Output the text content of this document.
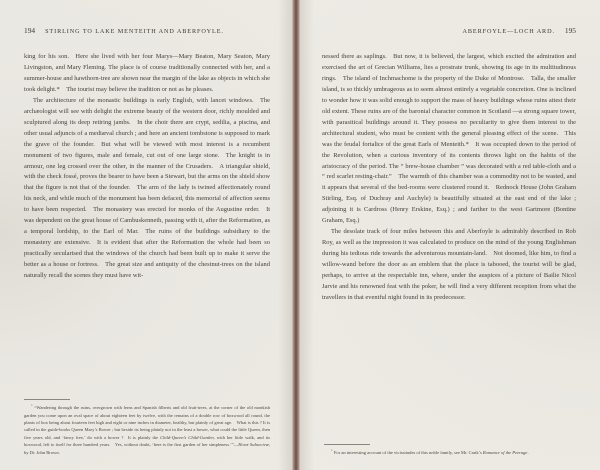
194 STIRLING TO LAKE MENTEITH AND ABERFOYLE.

king for his son.  Here she lived with her four Marys—Mary Beaton, Mary Seaton, Mary Livingston, and Mary Fleming. The place is of course traditionally connected with her, and a summer-house and hawthorn-tree are shown near the margin of the lake as objects in which she took delight.*  The tourist may believe the tradition or not as he pleases.

The architecture of the monastic buildings is early English, with lancet windows.  The archæologist will see with delight the extreme beauty of the western door, richly moulded and sculptured along its deep retiring jambs.  In the choir there are crypt, sedilia, a piscina, and other usual adjuncts of a mediæval church ; and here an ancient tombstone is supposed to mark the grave of the founder.  But what will be viewed with most interest is a recumbent monument of two figures, male and female, cut out of one large stone.  The knight is in armour, one leg crossed over the other, in the manner of the Crusaders.  A triangular shield, with the check fossé, proves the bearer to have been a Stewart, but the arms on the shield show that the figure is not that of the founder.  The arm of the lady is twined affectionately round his neck, and while much of the monument has been defaced, this memorial of affection seems to have been respected.  The monastery was erected for monks of the Augustine order.  It was dependent on the great house of Cambuskenneth, passing with it, after the Reformation, as a temporal lordship, to the Earl of Mar.  The ruins of the buildings subsidiary to the monastery are extensive.  It is evident that after the Reformation the whole had been so practically secularised that the windows of the church had been built up to make it serve the better as a house or fortress.  The great size and antiquity of the chestnut-trees on the island naturally recall the scenes they must have wit-

* “Wandering through the ruins, overgrown with ferns and Spanish filberts and old fruit-trees, at the corner of the old monkish garden you come upon an oval space of about eighteen feet by twelve, with the remains of a double row of boxwood all round, the plants of box being about fourteen feet high and eight or nine inches in diameter, healthy, but plainly of great age.  What is this ? It is called in the guide-books Queen Mary’s Bower ; but beside its being plainly not in the least a bower, what could the little Queen, then five years old, and ‘fancy free,’ do with a bower ?  It is plainly the Child-Queen’s Child-Garden, with her little walk, and its boxwood, left to itself for three hundred years.  Yes, without doubt, ‘here is the first garden of her simpleness.’”—Horæ Subsecivæ, by Dr. John Brown.

ABERFOYLE—LOCH ARD. 195

nessed there as saplings.  But now, it is believed, the largest, which excited the admiration and exercised the art of Grecian Williams, lies a prostrate trunk, showing its age in its multitudinous rings.  The island of Inchmachome is the property of the Duke of Montrose.  Talla, the smaller island, is so thickly umbrageous as to seem almost entirely a vegetable concretion. One is inclined to wonder how it was solid enough to support the mass of heavy buildings whose ruins attest their old extent. These ruins are of the baronial character common in Scotland —a strong square tower, with parasitical buildings around it. They possess no peculiarity to give them interest to the architectural student, who must be content with the general pleasing effect of the scene.  This was the feudal fortalice of the great Earls of Menteith.*  It was occupied down to the period of the Revolution, when a curious inventory of its contents throws light on the habits of the aristocracy of the period. The “ brew-house chamber ” was decorated with a red table-cloth and a “ red scarlet resting-chair.”  The warmth of this chamber was a commodity not to be wasted, and it appears that several of the bed-rooms were clustered round it.  Rednock House (John Graham Stirling, Esq. of Duchray and Auchyle) is beautifully situated at the east end of the lake ; adjoining it is Cardross (Henry Erskine, Esq.) ; and farther to the west Gartmore (Bontine Graham, Esq.)

The desolate track of four miles between this and Aberfoyle is admirably described in Rob Roy, as well as the impression it was calculated to produce on the mind of the young Englishman during his tedious ride towards the adventurous mountain-land.  Not doomed, like him, to find a willow-wand before the door as an emblem that the place is tabooed, the tourist will be glad, perhaps, to arrive at the respectable inn, where, under the auspices of a picture of Bailie Nicol Jarvie and his renowned feat with the poker, he will find a very different reception from what the travellers in that eventful night found in its predecessor.

* For an interesting account of the vicissitudes of this noble family, see Mr. Craik’s Romance of the Peerage.
